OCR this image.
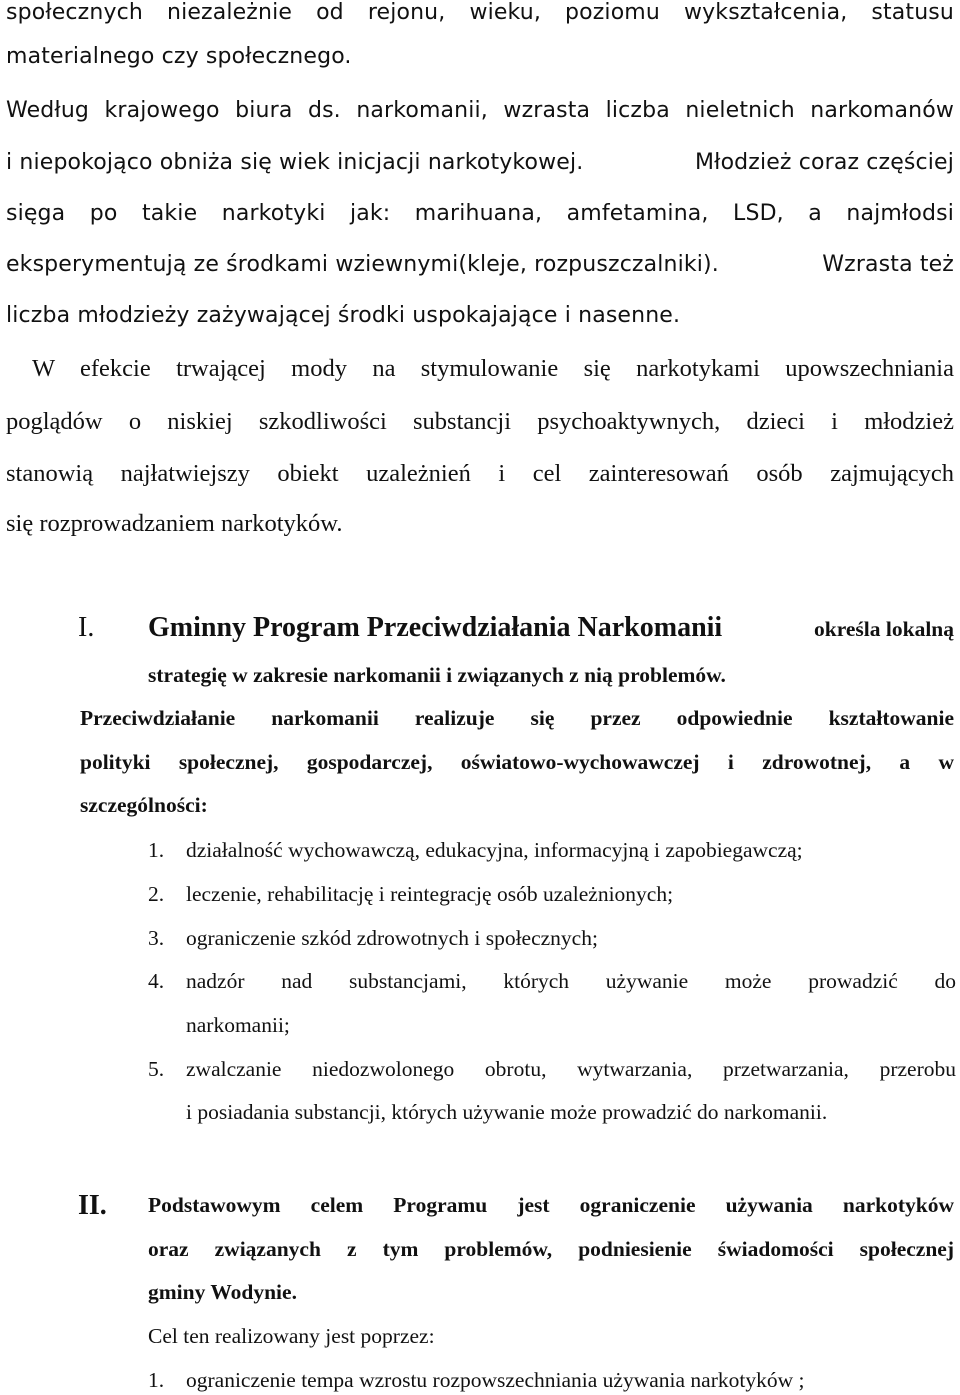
społecznych niezależnie od rejonu, wieku, poziomu wykształcenia, statusu
materialnego czy społecznego.
Według krajowego biura ds. narkomanii, wzrasta liczba nieletnich narkomanów
i niepokojąco obniża się wiek inicjacji narkotykowej.	Młodzież coraz częściej
sięga po takie narkotyki jak: marihuana, amfetamina, LSD, a najmłodsi
eksperymentują ze środkami wziewnymi(kleje, rozpuszczalniki).	Wzrasta też
liczba młodzieży zażywającej środki uspokajające i nasenne.
W efekcie trwającej mody na stymulowanie się narkotykami upowszechniania
poglądów o niskiej szkodliwości substancji psychoaktywnych, dzieci i młodzież
stanowią najłatwiejszy obiekt uzależnień i cel zainteresowań osób zajmujących
się rozprowadzaniem narkotyków.
I. Gminny Program Przeciwdziałania Narkomanii	określa lokalną
strategię w zakresie narkomanii i związanych z nią problemów.
Przeciwdziałanie narkomanii realizuje się przez odpowiednie kształtowanie
polityki społecznej, gospodarczej, oświatowo-wychowawczej i zdrowotnej, a w
szczególności:
1. działalność wychowawczą, edukacyjna, informacyjną i zapobiegawczą;
2. leczenie, rehabilitację i reintegrację osób uzależnionych;
3. ograniczenie szkód zdrowotnych i społecznych;
4. nadzór nad substancjami, których używanie może prowadzić do
narkomanii;
5. zwalczanie niedozwolonego obrotu, wytwarzania, przetwarzania, przerobu
i posiadania substancji, których używanie może prowadzić do narkomanii.
II. Podstawowym celem Programu jest ograniczenie używania narkotyków
oraz związanych z tym problemów, podniesienie świadomości społecznej
gminy Wodynie.
Cel ten realizowany jest poprzez:
1. ograniczenie tempa wzrostu rozpowszechniania używania narkotyków ;
